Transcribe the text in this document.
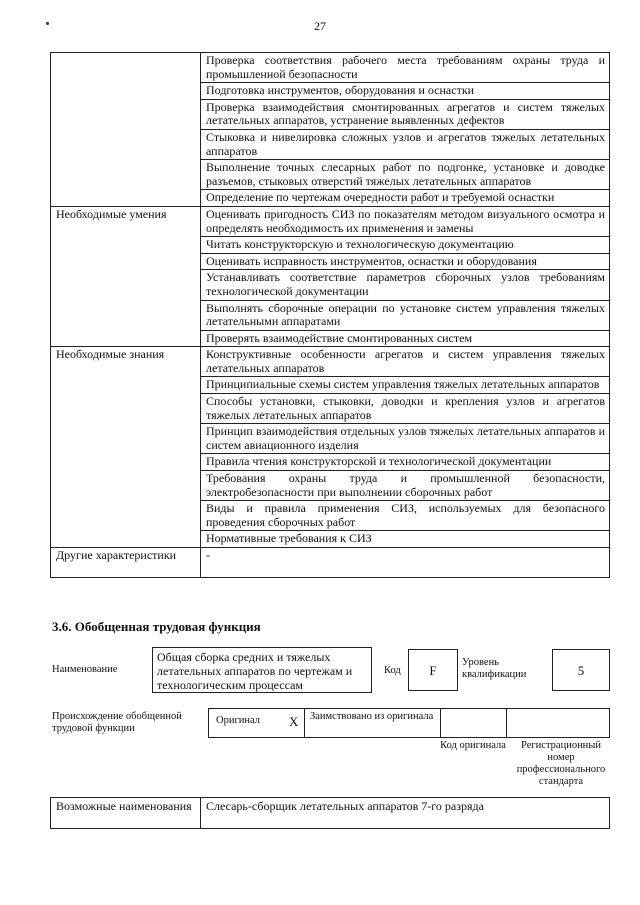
27
	Проверка соответствия рабочего места требованиям охраны труда и промышленной безопасности
	Подготовка инструментов, оборудования и оснастки
	Проверка взаимодействия смонтированных агрегатов и систем тяжелых летательных аппаратов, устранение выявленных дефектов
	Стыковка и нивелировка сложных узлов и агрегатов тяжелых летательных аппаратов
	Выполнение точных слесарных работ по подгонке, установке и доводке разъемов, стыковых отверстий тяжелых летательных аппаратов
	Определение по чертежам очередности работ и требуемой оснастки
Необходимые умения	Оценивать пригодность СИЗ по показателям методом визуального осмотра и определять необходимость их применения и замены
	Читать конструкторскую и технологическую документацию
	Оценивать исправность инструментов, оснастки и оборудования
	Устанавливать соответствие параметров сборочных узлов требованиям технологической документации
	Выполнять сборочные операции по установке систем управления тяжелых летательными аппаратами
	Проверять взаимодействие смонтированных систем
Необходимые знания	Конструктивные особенности агрегатов и систем управления тяжелых летательных аппаратов
	Принципиальные схемы систем управления тяжелых летательных аппаратов
	Способы установки, стыковки, доводки и крепления узлов и агрегатов тяжелых летательных аппаратов
	Принцип взаимодействия отдельных узлов тяжелых летательных аппаратов и систем авиационного изделия
	Правила чтения конструкторской и технологической документации
	Требования охраны труда и промышленной безопасности, электробезопасности при выполнении сборочных работ
	Виды и правила применения СИЗ, используемых для безопасного проведения сборочных работ
	Нормативные требования к СИЗ
Другие характеристики	-
3.6. Обобщенная трудовая функция
Наименование
Общая сборка средних и тяжелых летательных аппаратов по чертежам и технологическим процессам
Код	F
Уровень квалификации	5
Происхождение обобщенной трудовой функции
Оригинал X Заимствовано из оригинала
Код оригинала	Регистрационный номер профессионального стандарта
Возможные наименования	Слесарь-сборщик летательных аппаратов 7-го разряда
